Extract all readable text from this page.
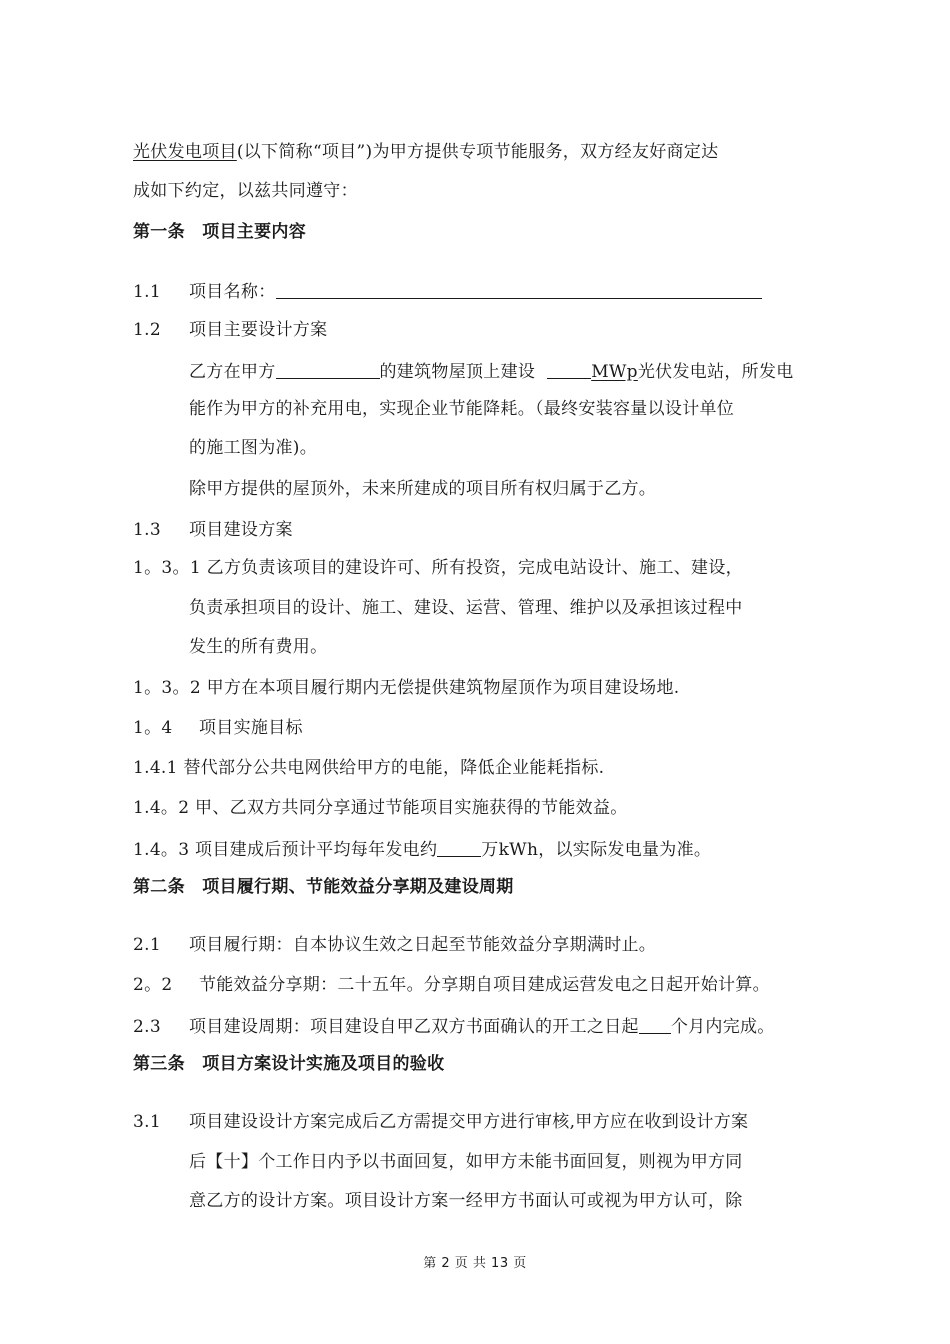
光伏发电项目(以下简称“项目”)为甲方提供专项节能服务，双方经友好商定达
成如下约定，以兹共同遵守：
第一条　项目主要内容
1.1 项目名称：
1.2 项目主要设计方案
乙方在甲方	的建筑物屋顶上建设	MWp光伏发电站，所发电
能作为甲方的补充用电，实现企业节能降耗。（最终安装容量以设计单位
的施工图为准)。
除甲方提供的屋顶外，未来所建成的项目所有权归属于乙方。
1.3 项目建设方案
1。3。1 乙方负责该项目的建设许可、所有投资，完成电站设计、施工、建设，
负责承担项目的设计、施工、建设、运营、管理、维护以及承担该过程中
发生的所有费用。
1。3。2 甲方在本项目履行期内无偿提供建筑物屋顶作为项目建设场地.
1。4 项目实施目标
1.4.1 替代部分公共电网供给甲方的电能，降低企业能耗指标.
1.4。2 甲、乙双方共同分享通过节能项目实施获得的节能效益。
1.4。3 项目建成后预计平均每年发电约	万kWh，以实际发电量为准。
第二条　项目履行期、节能效益分享期及建设周期
2.1 项目履行期：自本协议生效之日起至节能效益分享期满时止。
2。2 节能效益分享期：二十五年。分享期自项目建成运营发电之日起开始计算。
2.3 项目建设周期：项目建设自甲乙双方书面确认的开工之日起 个月内完成。
第三条　项目方案设计实施及项目的验收
3.1 项目建设设计方案完成后乙方需提交甲方进行审核,甲方应在收到设计方案
后【十】个工作日内予以书面回复，如甲方未能书面回复，则视为甲方同
意乙方的设计方案。项目设计方案一经甲方书面认可或视为甲方认可，除
第 2 页 共 13 页
